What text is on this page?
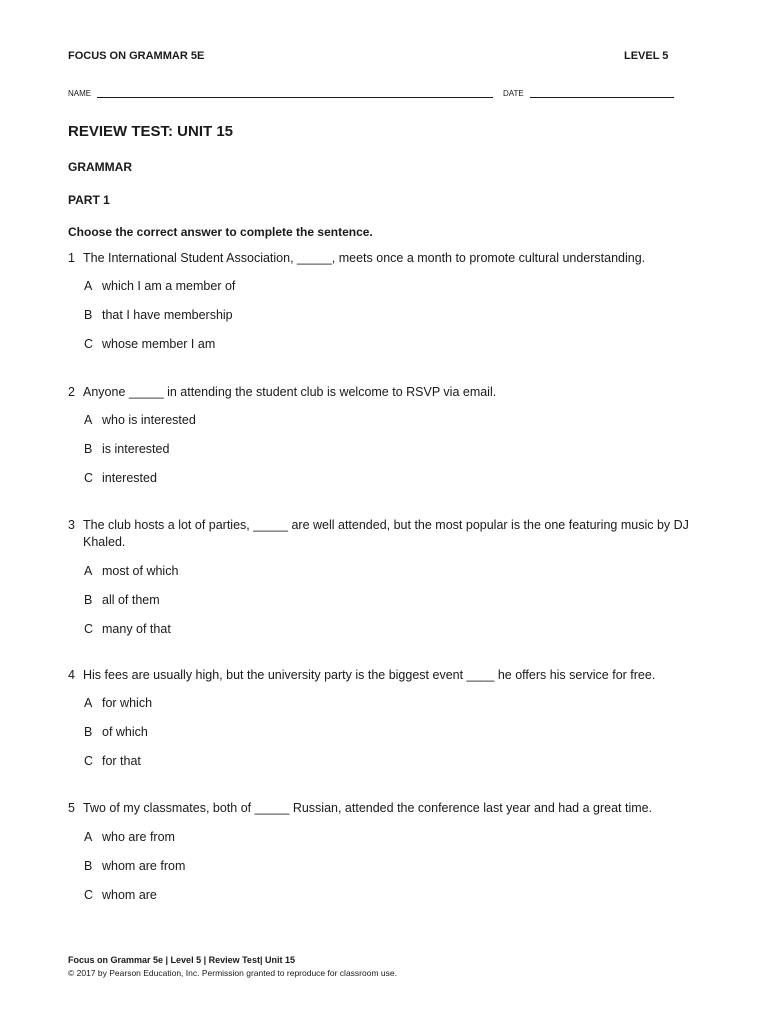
FOCUS ON GRAMMAR 5E	LEVEL 5
NAME	DATE
REVIEW TEST: UNIT 15
GRAMMAR
PART 1
Choose the correct answer to complete the sentence.
1 The International Student Association, _____, meets once a month to promote cultural understanding.
A which I am a member of
B that I have membership
C whose member I am
2 Anyone _____ in attending the student club is welcome to RSVP via email.
A who is interested
B is interested
C interested
3 The club hosts a lot of parties, _____ are well attended, but the most popular is the one featuring music by DJ Khaled.
A most of which
B all of them
C many of that
4 His fees are usually high, but the university party is the biggest event ____ he offers his service for free.
A for which
B of which
C for that
5 Two of my classmates, both of _____ Russian, attended the conference last year and had a great time.
A who are from
B whom are from
C whom are
Focus on Grammar 5e | Level 5 | Review Test| Unit 15
© 2017 by Pearson Education, Inc. Permission granted to reproduce for classroom use.
